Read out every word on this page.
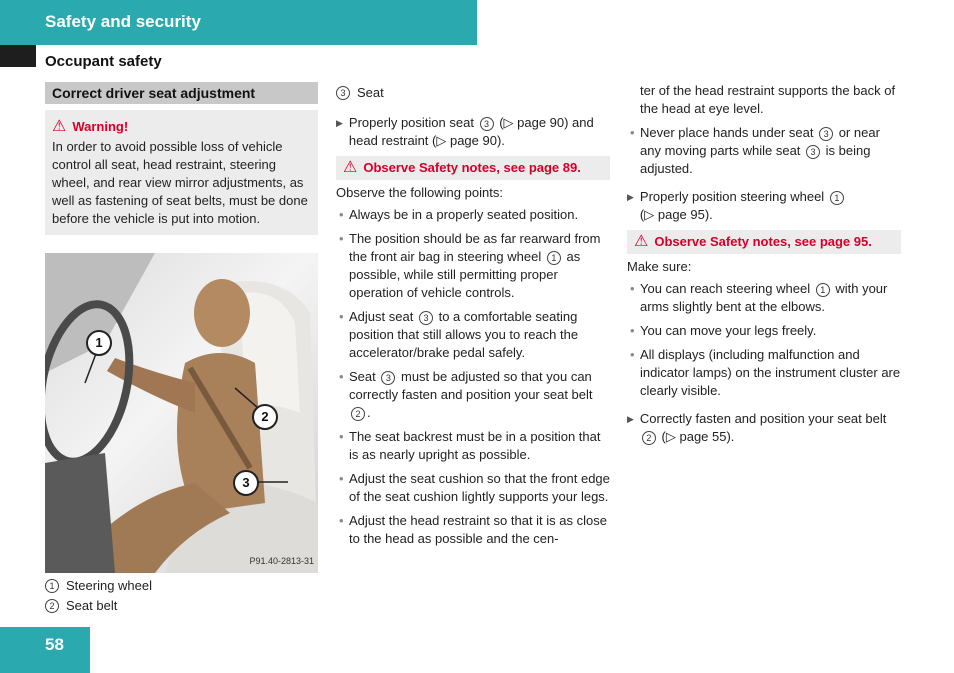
Safety and security
Occupant safety
Correct driver seat adjustment
⚠ Warning!
In order to avoid possible loss of vehicle control all seat, head restraint, steering wheel, and rear view mirror adjustments, as well as fastening of seat belts, must be done before the vehicle is put into motion.
1
2
3
P91.40-2813-31
1 Steering wheel
2 Seat belt
3 Seat
▶ Properly position seat 3 (▷ page 90) and head restraint (▷ page 90).
⚠ Observe Safety notes, see page 89.
Observe the following points:
• Always be in a properly seated position.
• The position should be as far rearward from the front air bag in steering wheel 1 as possible, while still permitting proper operation of vehicle controls.
• Adjust seat 3 to a comfortable seating position that still allows you to reach the accelerator/brake pedal safely.
• Seat 3 must be adjusted so that you can correctly fasten and position your seat belt 2 .
• The seat backrest must be in a position that is as nearly upright as possible.
• Adjust the seat cushion so that the front edge of the seat cushion lightly supports your legs.
• Adjust the head restraint so that it is as close to the head as possible and the cen-
ter of the head restraint supports the back of the head at eye level.
• Never place hands under seat 3 or near any moving parts while seat 3 is being adjusted.
▶ Properly position steering wheel 1
(▷ page 95).
⚠ Observe Safety notes, see page 95.
Make sure:
• You can reach steering wheel 1 with your arms slightly bent at the elbows.
• You can move your legs freely.
• All displays (including malfunction and indicator lamps) on the instrument cluster are clearly visible.
▶ Correctly fasten and position your seat belt 2 (▷ page 55).
58
